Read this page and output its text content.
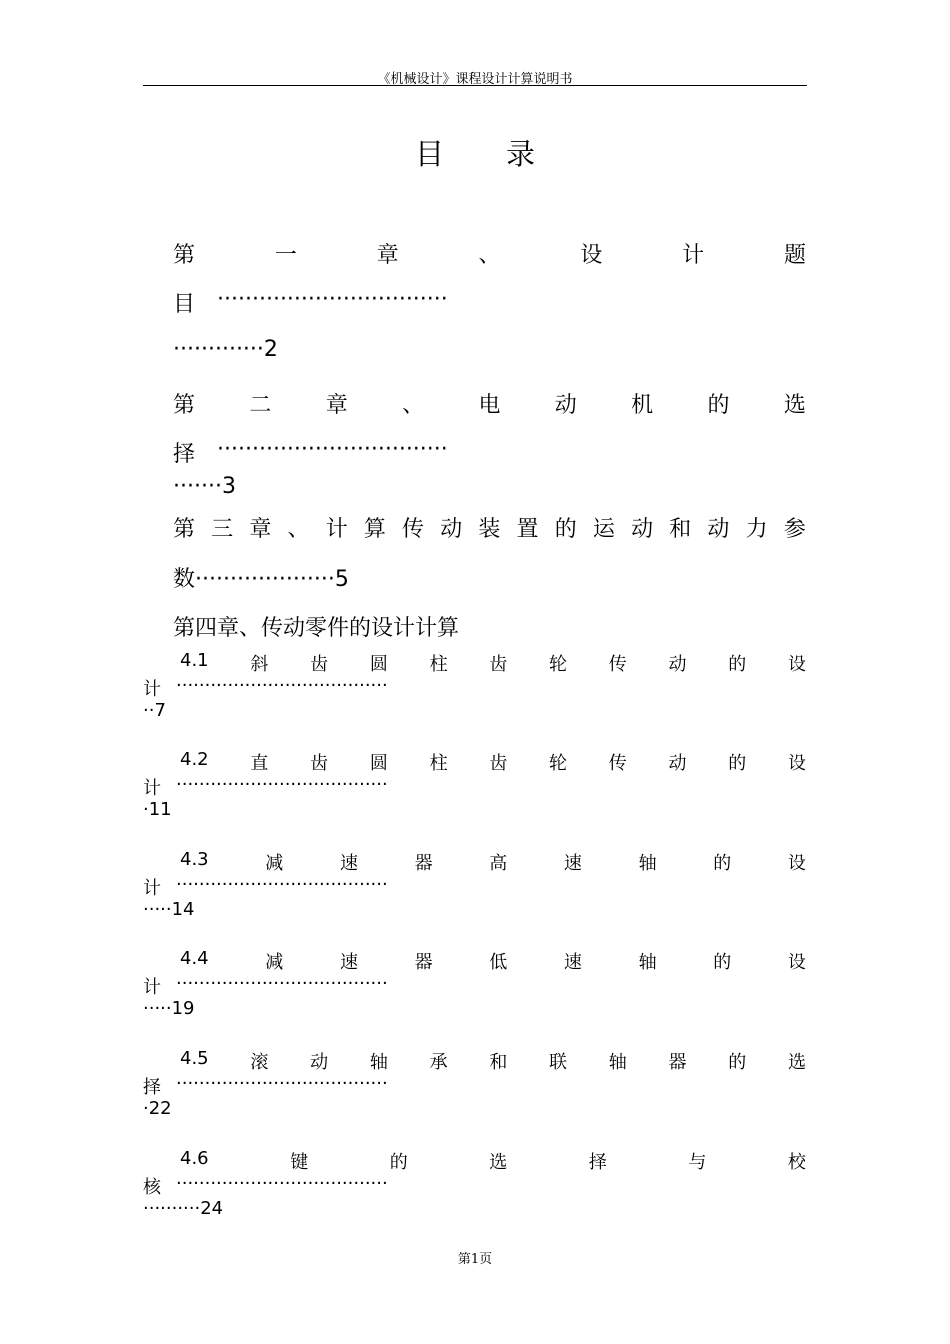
《机械设计》课程设计计算说明书
目 录
第	一	章	、	设	计	题
目 ·································
·············2
第 二 章 、 电 动 机 的 选
择 ·································
·······3
第 三 章 、 计 算 传 动 装 置 的 运 动 和 动 力 参
数····················5
第四章、传动零件的设计计算
4.1 斜 齿 圆 柱 齿 轮 传 动 的 设
计 ·····································
··7
4.2 直 齿 圆 柱 齿 轮 传 动 的 设
计 ·····································
·11
4.3	减	速	器	高	速	轴	的	设
计 ·····································
·····14
4.4	减	速	器	低	速	轴	的	设
计 ·····································
·····19
4.5 滚 动 轴 承 和 联 轴 器 的 选
择 ·····································
·22
4.6	键	的	选	择	与	校
核 ·····································
··········24
第1页
